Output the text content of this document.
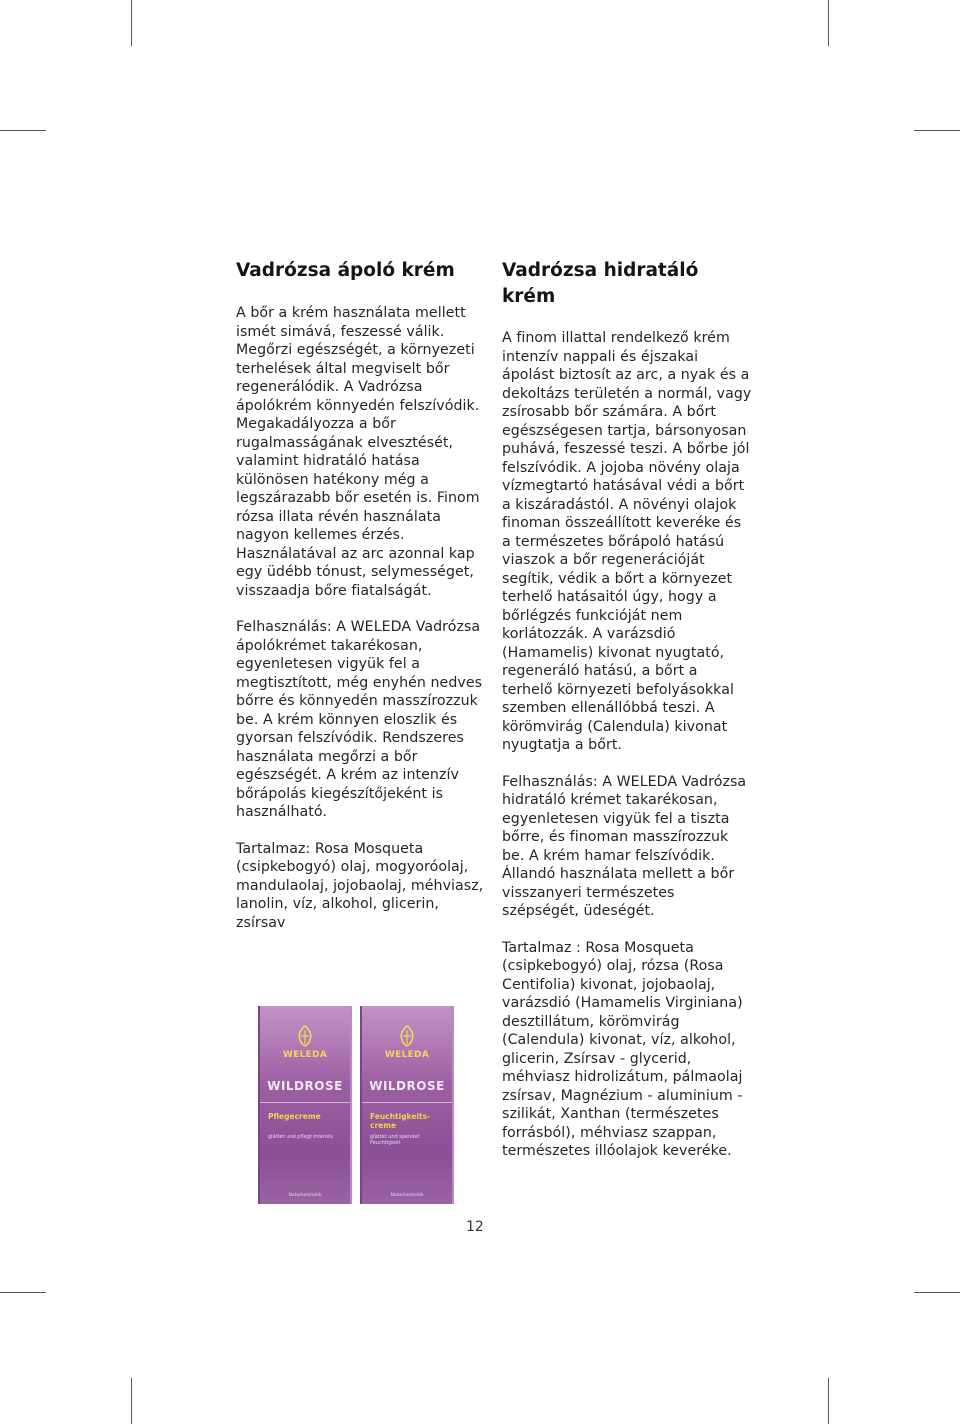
Vadrózsa ápoló krém

A bőr a krém használata mellett ismét simává, feszessé válik. Megőrzi egészségét, a környezeti terhelések által megviselt bőr regenerálódik. A Vadrózsa ápolókrém könnyedén felszívódik. Megakadályozza a bőr rugalmasságának elvesztését, valamint hidratáló hatása különösen hatékony még a legszárazabb bőr esetén is. Finom rózsa illata révén használata nagyon kellemes érzés. Használatával az arc azonnal kap egy üdébb tónust, selymességet, visszaadja bőre fiatalságát.

Felhasználás: A WELEDA Vadrózsa ápolókrémet takarékosan, egyenletesen vigyük fel a megtisztított, még enyhén nedves bőrre és könnyedén masszírozzuk be. A krém könnyen eloszlik és gyorsan felszívódik. Rendszeres használata megőrzi a bőr egészségét. A krém az intenzív bőrápolás kiegészítőjeként is használható.

Tartalmaz: Rosa Mosqueta (csipkebogyó) olaj, mogyoróolaj, mandulaolaj, jojobaolaj, méhviasz, lanolin, víz, alkohol, glicerin, zsírsav

WELEDA
WILDROSE
Pflegecreme
glättet und pflegt intensiv
Naturkosmetik
WELEDA
WILDROSE
Feuchtigkeits-creme
glättet und spendet Feuchtigkeit
Naturkosmetik
12
Vadrózsa hidratáló krém

A finom illattal rendelkező krém intenzív nappali és éjszakai ápolást biztosít az arc, a nyak és a dekoltázs területén a normál, vagy zsírosabb bőr számára. A bőrt egészségesen tartja, bársonyosan puhává, feszessé teszi. A bőrbe jól felszívódik. A jojoba növény olaja vízmegtartó hatásával védi a bőrt a kiszáradástól. A növényi olajok finoman összeállított keveréke és a természetes bőrápoló hatású viaszok a bőr regenerációját segítik, védik a bőrt a környezet terhelő hatásaitól úgy, hogy a bőrlégzés funkcióját nem korlátozzák. A varázsdió (Hamamelis) kivonat nyugtató, regeneráló hatású, a bőrt a terhelő környezeti befolyásokkal szemben ellenállóbbá teszi. A körömvirág (Calendula) kivonat nyugtatja a bőrt.

Felhasználás: A WELEDA Vadrózsa hidratáló krémet takarékosan, egyenletesen vigyük fel a tiszta bőrre, és finoman masszírozzuk be. A krém hamar felszívódik. Állandó használata mellett a bőr visszanyeri természetes szépségét, üdeségét.

Tartalmaz : Rosa Mosqueta (csipkebogyó) olaj, rózsa (Rosa Centifolia) kivonat, jojobaolaj, varázsdió (Hamamelis Virginiana) desztillátum, körömvirág (Calendula) kivonat, víz, alkohol, glicerin, Zsírsav - glycerid, méhviasz hidrolizátum, pálmaolaj zsírsav, Magnézium - aluminium - szilikát, Xanthan (természetes forrásból), méhviasz szappan, természetes illóolajok keveréke.
